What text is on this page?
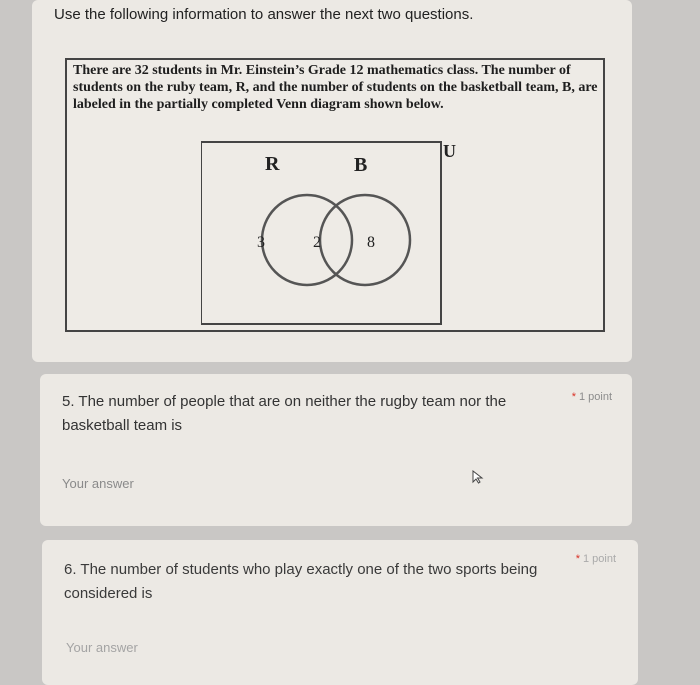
Use the following information to answer the next two questions.
There are 32 students in Mr. Einstein’s Grade 12 mathematics class. The number of students on the ruby team, R, and the number of students on the basketball team, B, are labeled in the partially completed Venn diagram shown below.
U
R	B
3	2	8
5. The number of people that are on neither the rugby team nor the basketball team is
* 1 point
Your answer
6. The number of students who play exactly one of the two sports being considered is
* 1 point
Your answer
